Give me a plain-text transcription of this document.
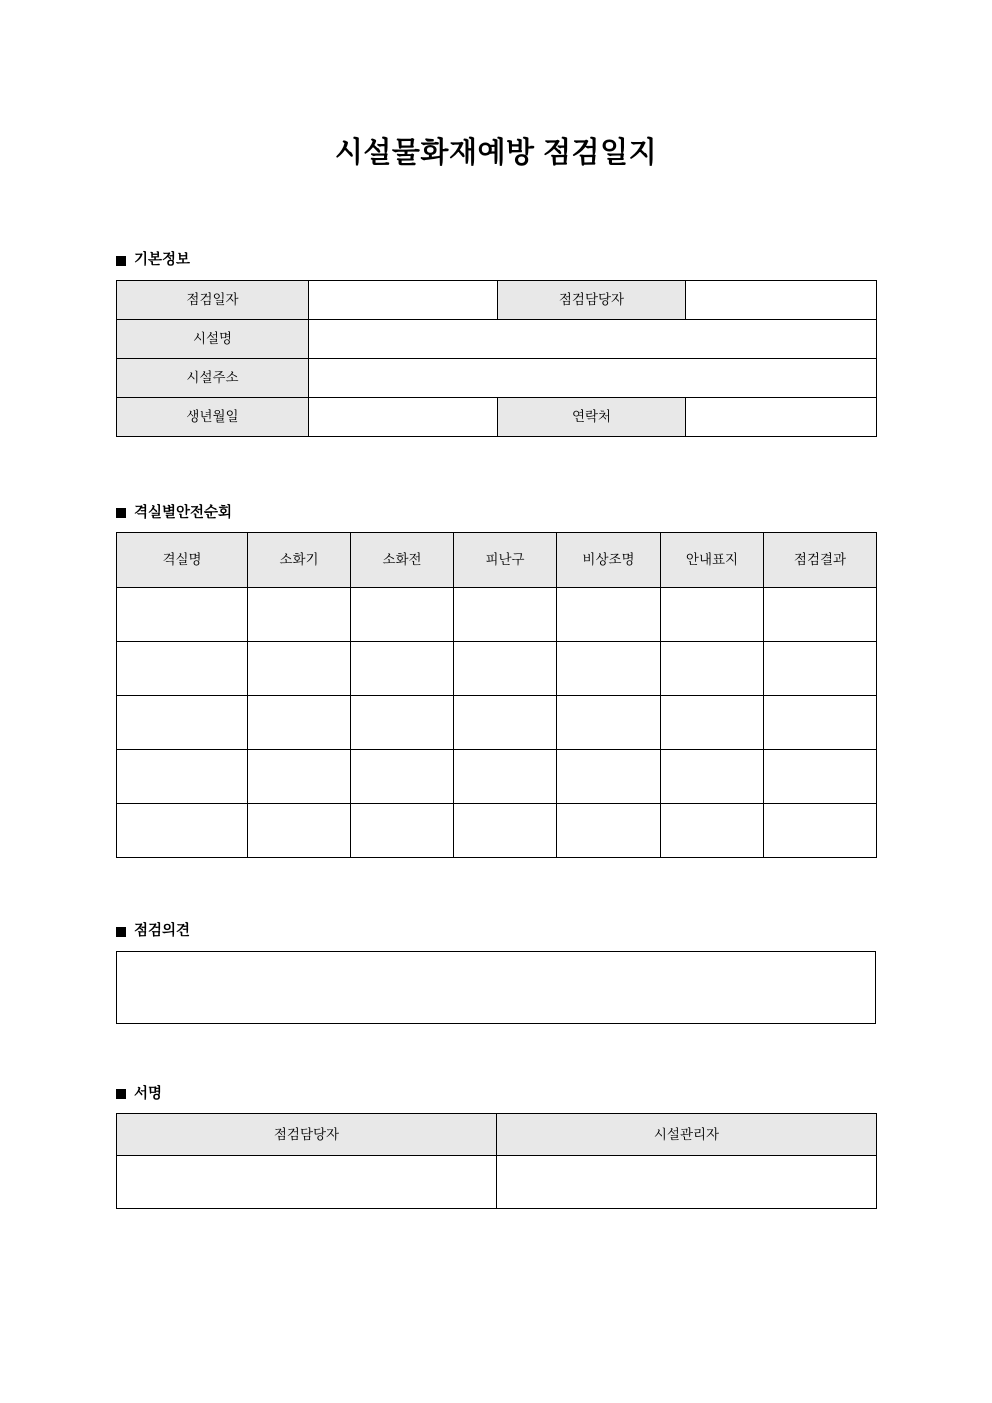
시설물화재예방 점검일지
기본정보
점검일자		점검담당자	
시설명			
시설주소			
생년월일		연락처	
격실별안전순회
격실명	소화기	소화전	피난구	비상조명	안내표지	점검결과

점검의견
서명
점검담당자	시설관리자
